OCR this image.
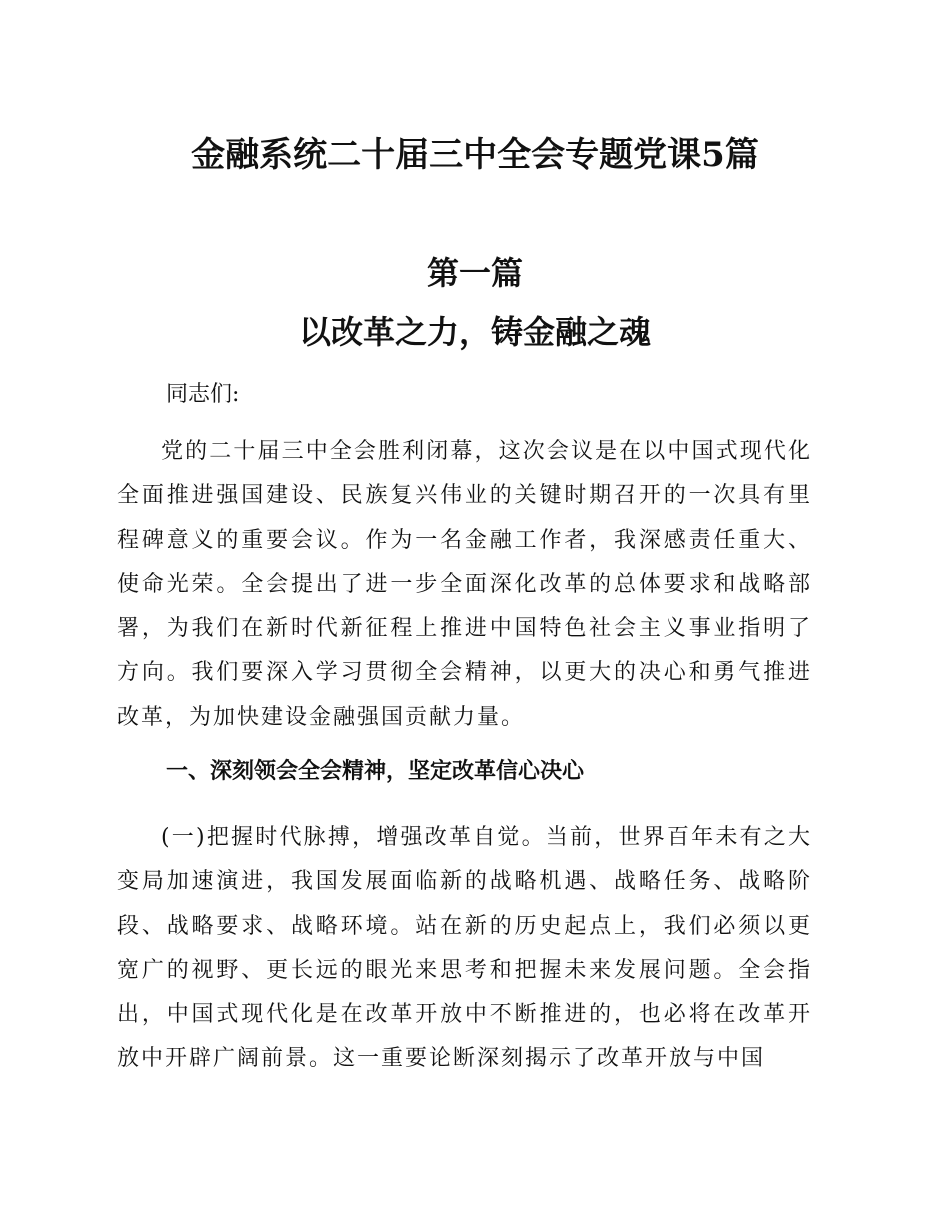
金融系统二十届三中全会专题党课5篇
第一篇
以改革之力，铸金融之魂
同志们:

党的二十届三中全会胜利闭幕，这次会议是在以中国式现代化全面推进强国建设、民族复兴伟业的关键时期召开的一次具有里程碑意义的重要会议。作为一名金融工作者，我深感责任重大、使命光荣。全会提出了进一步全面深化改革的总体要求和战略部署，为我们在新时代新征程上推进中国特色社会主义事业指明了方向。我们要深入学习贯彻全会精神，以更大的决心和勇气推进改革，为加快建设金融强国贡献力量。

一、深刻领会全会精神，坚定改革信心决心

(一)把握时代脉搏，增强改革自觉。当前，世界百年未有之大变局加速演进，我国发展面临新的战略机遇、战略任务、战略阶段、战略要求、战略环境。站在新的历史起点上，我们必须以更宽广的视野、更长远的眼光来思考和把握未来发展问题。全会指出，中国式现代化是在改革开放中不断推进的，也必将在改革开放中开辟广阔前景。这一重要论断深刻揭示了改革开放与中国
